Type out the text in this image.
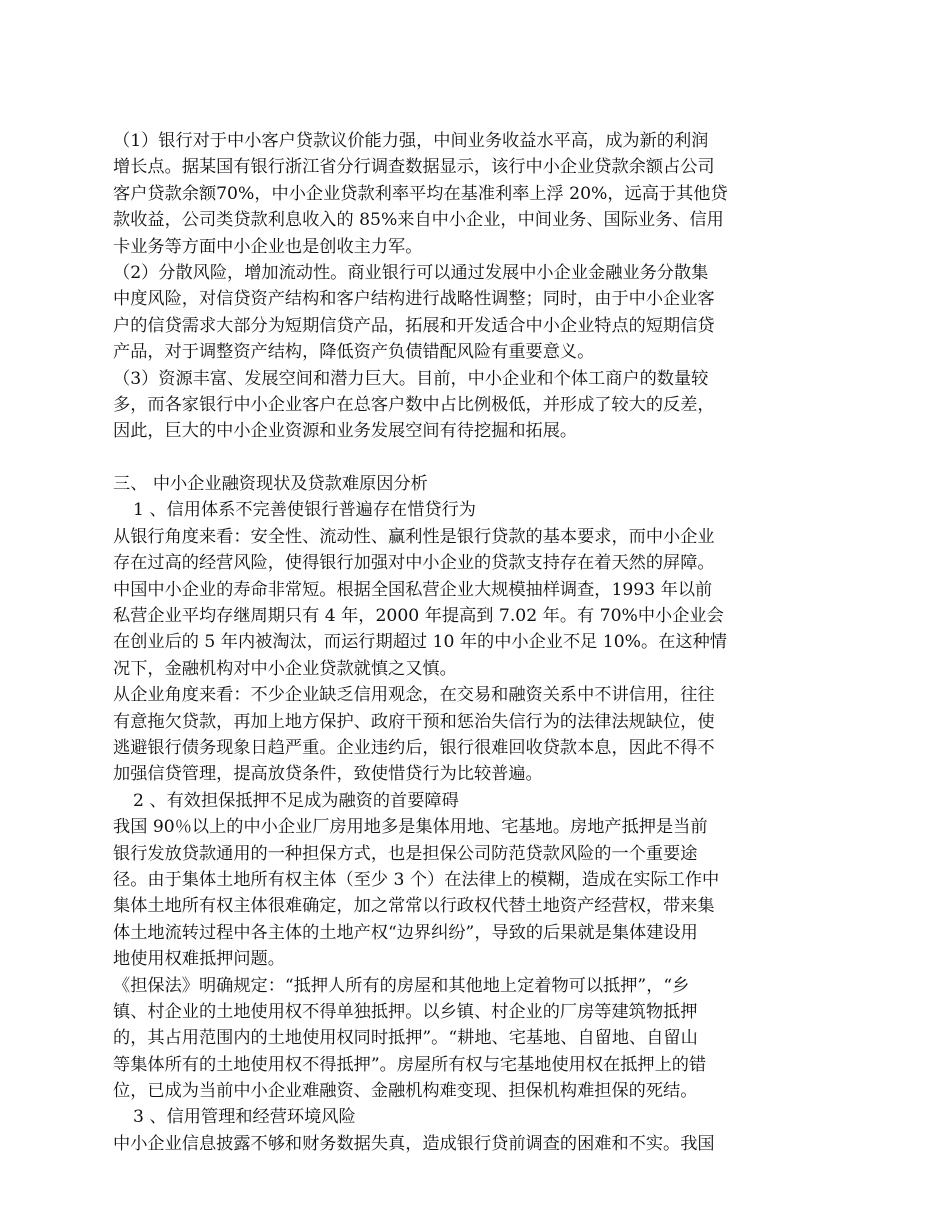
（1）银行对于中小客户贷款议价能力强，中间业务收益水平高，成为新的利润
增长点。据某国有银行浙江省分行调查数据显示，该行中小企业贷款余额占公司
客户贷款余额70%，中小企业贷款利率平均在基准利率上浮 20%，远高于其他贷
款收益，公司类贷款利息收入的 85%来自中小企业，中间业务、国际业务、信用
卡业务等方面中小企业也是创收主力军。
（2）分散风险，增加流动性。商业银行可以通过发展中小企业金融业务分散集
中度风险，对信贷资产结构和客户结构进行战略性调整；同时，由于中小企业客
户的信贷需求大部分为短期信贷产品，拓展和开发适合中小企业特点的短期信贷
产品，对于调整资产结构，降低资产负债错配风险有重要意义。
（3）资源丰富、发展空间和潜力巨大。目前，中小企业和个体工商户的数量较
多，而各家银行中小企业客户在总客户数中占比例极低，并形成了较大的反差，
因此，巨大的中小企业资源和业务发展空间有待挖掘和拓展。
三、 中小企业融资现状及贷款难原因分析
1 、信用体系不完善使银行普遍存在惜贷行为
从银行角度来看：安全性、流动性、赢利性是银行贷款的基本要求，而中小企业
存在过高的经营风险，使得银行加强对中小企业的贷款支持存在着天然的屏障。
中国中小企业的寿命非常短。根据全国私营企业大规模抽样调查，1993 年以前
私营企业平均存继周期只有 4 年，2000 年提高到 7.02 年。有 70%中小企业会
在创业后的 5 年内被淘汰，而运行期超过 10 年的中小企业不足 10%。在这种情
况下，金融机构对中小企业贷款就慎之又慎。
从企业角度来看：不少企业缺乏信用观念，在交易和融资关系中不讲信用，往往
有意拖欠贷款，再加上地方保护、政府干预和惩治失信行为的法律法规缺位，使
逃避银行债务现象日趋严重。企业违约后，银行很难回收贷款本息，因此不得不
加强信贷管理，提高放贷条件，致使惜贷行为比较普遍。
2 、有效担保抵押不足成为融资的首要障碍
我国 90％以上的中小企业厂房用地多是集体用地、宅基地。房地产抵押是当前
银行发放贷款通用的一种担保方式，也是担保公司防范贷款风险的一个重要途
径。由于集体土地所有权主体（至少 3 个）在法律上的模糊，造成在实际工作中
集体土地所有权主体很难确定，加之常常以行政权代替土地资产经营权，带来集
体土地流转过程中各主体的土地产权“边界纠纷”，导致的后果就是集体建设用
地使用权难抵押问题。
《担保法》明确规定：“抵押人所有的房屋和其他地上定着物可以抵押”，“乡
镇、村企业的土地使用权不得单独抵押。以乡镇、村企业的厂房等建筑物抵押
的，其占用范围内的土地使用权同时抵押”。“耕地、宅基地、自留地、自留山
等集体所有的土地使用权不得抵押”。房屋所有权与宅基地使用权在抵押上的错
位，已成为当前中小企业难融资、金融机构难变现、担保机构难担保的死结。
3 、信用管理和经营环境风险
中小企业信息披露不够和财务数据失真，造成银行贷前调查的困难和不实。我国
